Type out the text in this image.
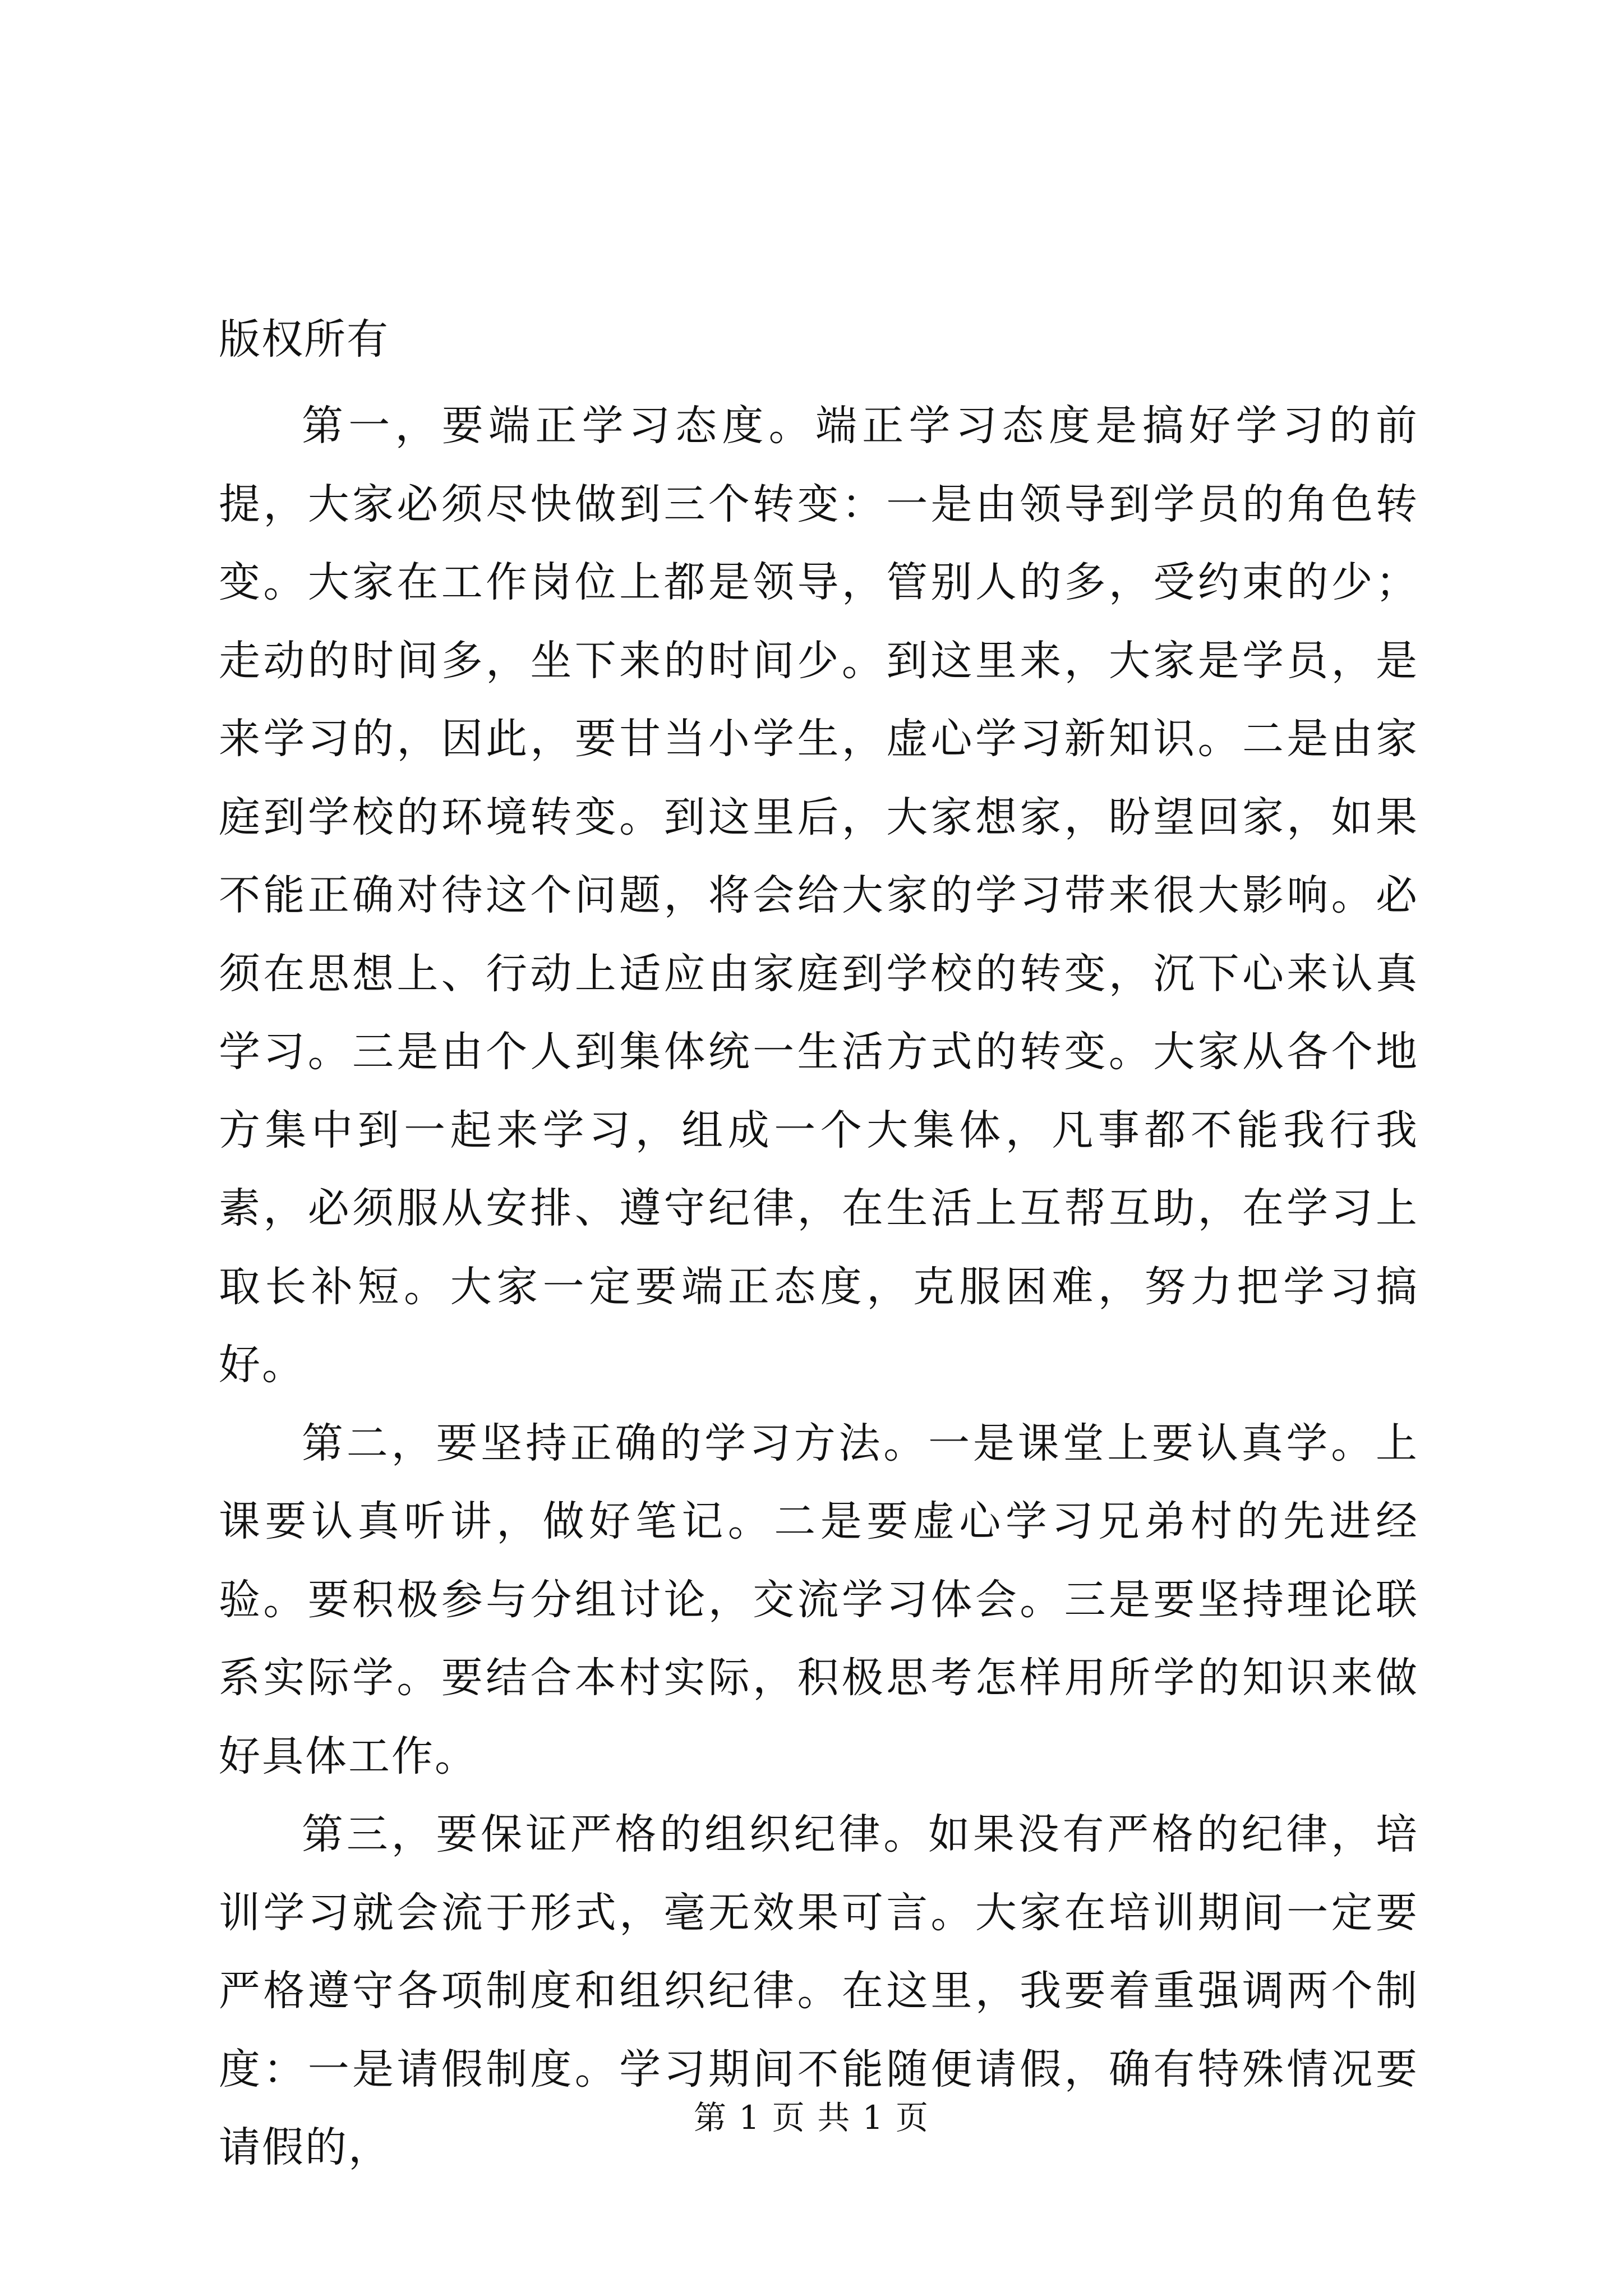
版权所有

第一，要端正学习态度。端正学习态度是搞好学习的前提，大家必须尽快做到三个转变：一是由领导到学员的角色转变。大家在工作岗位上都是领导，管别人的多，受约束的少；走动的时间多，坐下来的时间少。到这里来，大家是学员，是来学习的，因此，要甘当小学生，虚心学习新知识。二是由家庭到学校的环境转变。到这里后，大家想家，盼望回家，如果不能正确对待这个问题，将会给大家的学习带来很大影响。必须在思想上、行动上适应由家庭到学校的转变，沉下心来认真学习。三是由个人到集体统一生活方式的转变。大家从各个地方集中到一起来学习，组成一个大集体，凡事都不能我行我素，必须服从安排、遵守纪律，在生活上互帮互助，在学习上取长补短。大家一定要端正态度，克服困难，努力把学习搞好。

第二，要坚持正确的学习方法。一是课堂上要认真学。上课要认真听讲，做好笔记。二是要虚心学习兄弟村的先进经验。要积极参与分组讨论，交流学习体会。三是要坚持理论联系实际学。要结合本村实际，积极思考怎样用所学的知识来做好具体工作。

第三，要保证严格的组织纪律。如果没有严格的纪律，培训学习就会流于形式，毫无效果可言。大家在培训期间一定要严格遵守各项制度和组织纪律。在这里，我要着重强调两个制度：一是请假制度。学习期间不能随便请假，确有特殊情况要请假的，

第 1 页 共 1 页
